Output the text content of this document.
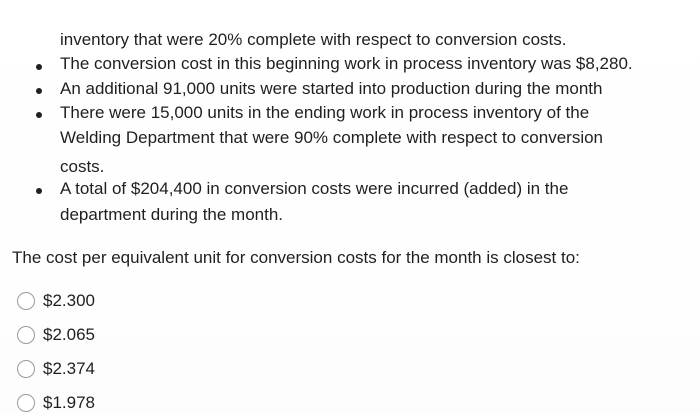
inventory that were 20% complete with respect to conversion costs.
The conversion cost in this beginning work in process inventory was $8,280.
An additional 91,000 units were started into production during the month
There were 15,000 units in the ending work in process inventory of the
Welding Department that were 90% complete with respect to conversion
costs.
A total of $204,400 in conversion costs were incurred (added) in the
department during the month.
The cost per equivalent unit for conversion costs for the month is closest to:
$2.300
$2.065
$2.374
$1.978
